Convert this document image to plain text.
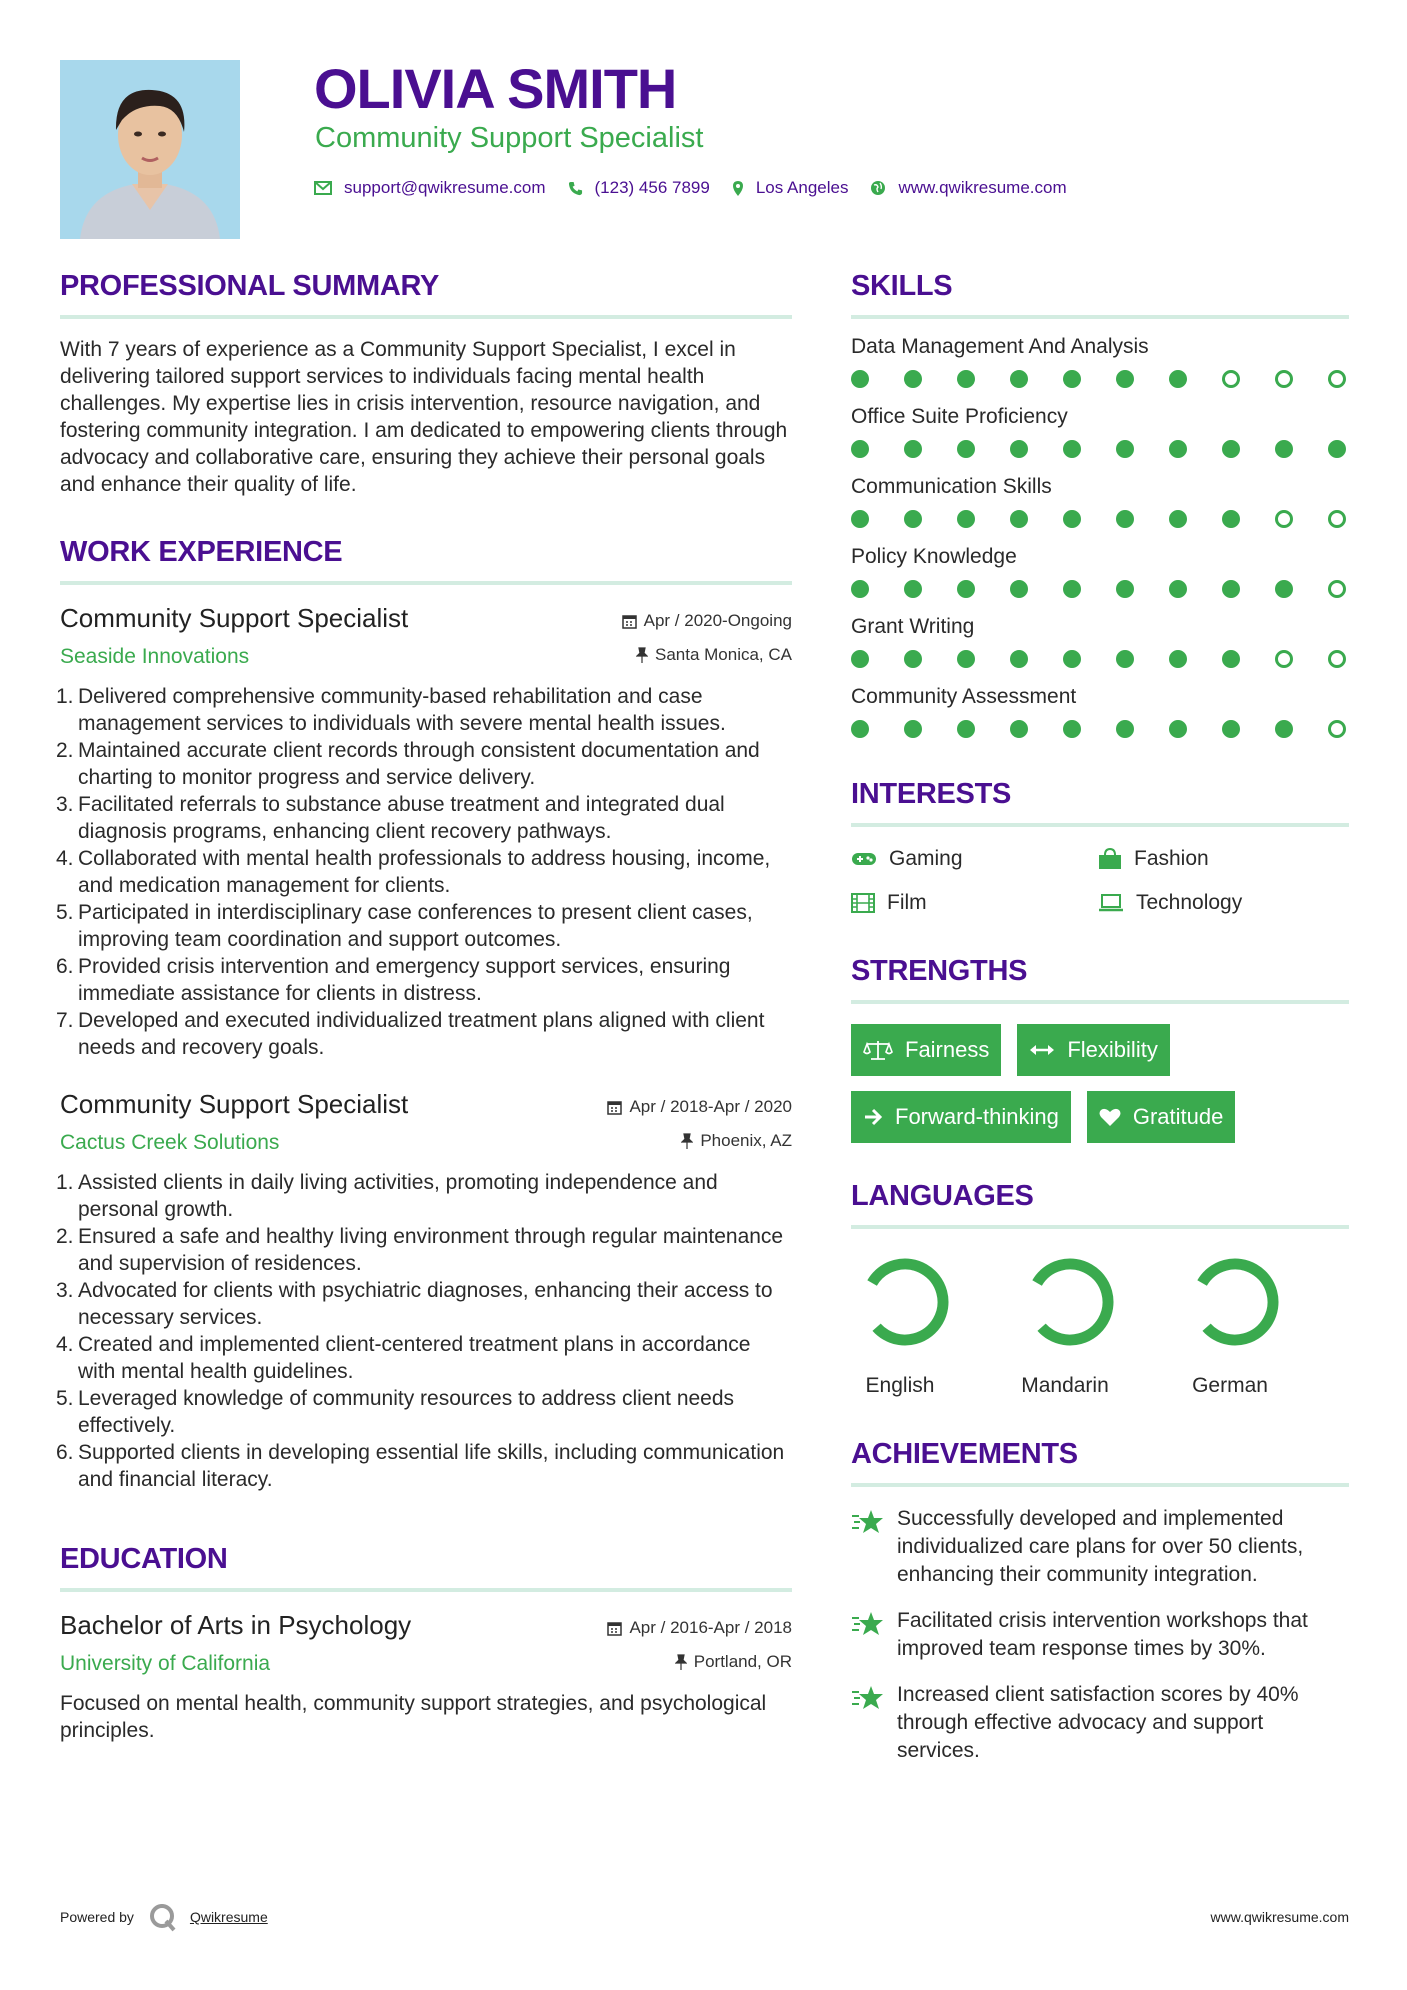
OLIVIA SMITH
Community Support Specialist
support@qwikresume.com	(123) 456 7899	Los Angeles	www.qwikresume.com
PROFESSIONAL SUMMARY

With 7 years of experience as a Community Support Specialist, I excel in delivering tailored support services to individuals facing mental health challenges. My expertise lies in crisis intervention, resource navigation, and fostering community integration. I am dedicated to empowering clients through advocacy and collaborative care, ensuring they achieve their personal goals and enhance their quality of life.

WORK EXPERIENCE
Apr / 2020-Ongoing
Santa Monica, CA
Community Support Specialist
Seaside Innovations
1. Delivered comprehensive community-based rehabilitation and case management services to individuals with severe mental health issues.
2. Maintained accurate client records through consistent documentation and charting to monitor progress and service delivery.
3. Facilitated referrals to substance abuse treatment and integrated dual diagnosis programs, enhancing client recovery pathways.
4. Collaborated with mental health professionals to address housing, income, and medication management for clients.
5. Participated in interdisciplinary case conferences to present client cases, improving team coordination and support outcomes.
6. Provided crisis intervention and emergency support services, ensuring immediate assistance for clients in distress.
7. Developed and executed individualized treatment plans aligned with client needs and recovery goals.
Apr / 2018-Apr / 2020
Phoenix, AZ
Community Support Specialist
Cactus Creek Solutions
1. Assisted clients in daily living activities, promoting independence and personal growth.
2. Ensured a safe and healthy living environment through regular maintenance and supervision of residences.
3. Advocated for clients with psychiatric diagnoses, enhancing their access to necessary services.
4. Created and implemented client-centered treatment plans in accordance with mental health guidelines.
5. Leveraged knowledge of community resources to address client needs effectively.
6. Supported clients in developing essential life skills, including communication and financial literacy.
EDUCATION
Apr / 2016-Apr / 2018
Portland, OR
Bachelor of Arts in Psychology
University of California

Focused on mental health, community support strategies, and psychological principles.

SKILLS
Data Management And Analysis
Office Suite Proficiency
Communication Skills
Policy Knowledge
Grant Writing
Community Assessment
INTERESTS
Gaming	Fashion
Film	Technology
STRENGTHS
Fairness	Flexibility
Forward-thinking	Gratitude
LANGUAGES
English	Mandarin	German
ACHIEVEMENTS
Successfully developed and implemented individualized care plans for over 50 clients, enhancing their community integration.
Facilitated crisis intervention workshops that improved team response times by 30%.
Increased client satisfaction scores by 40% through effective advocacy and support services.
Powered by	Qwikresume	www.qwikresume.com
